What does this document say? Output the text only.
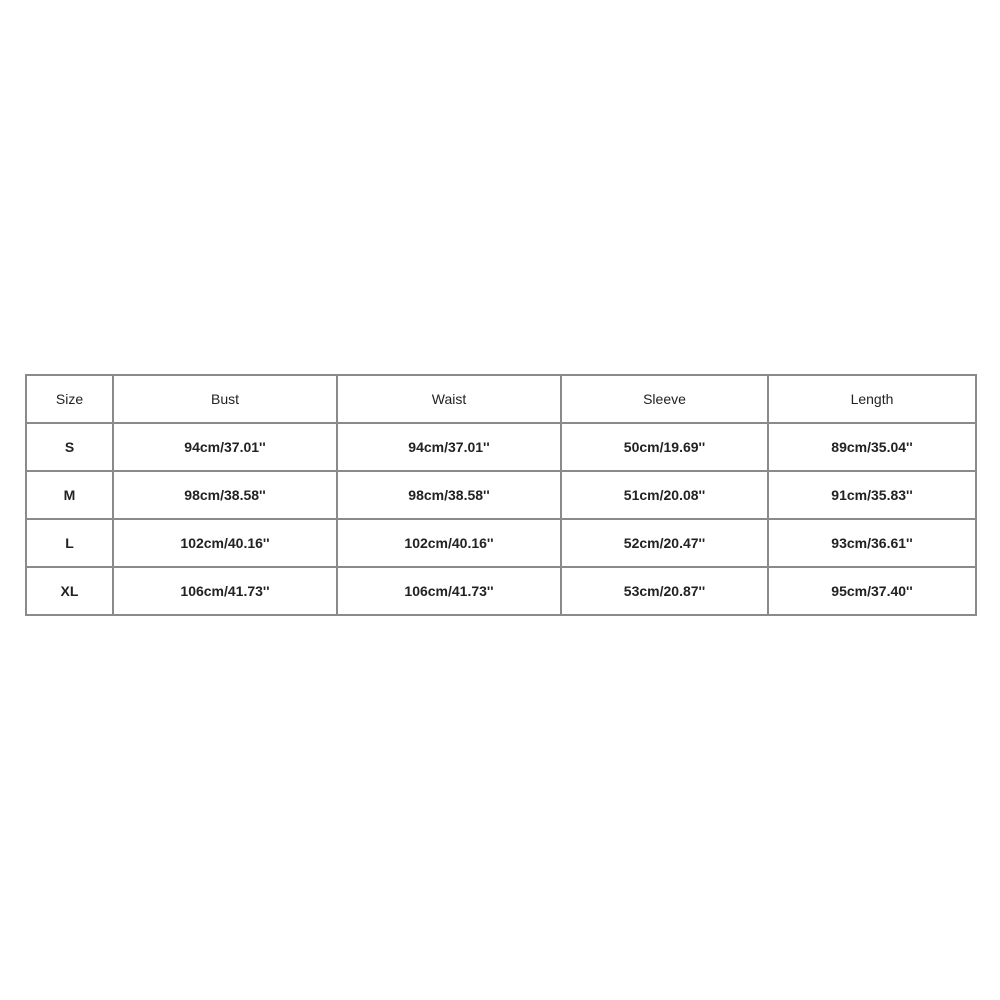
Size	Bust	Waist	Sleeve	Length
S	94cm/37.01''	94cm/37.01''	50cm/19.69''	89cm/35.04''
M	98cm/38.58''	98cm/38.58''	51cm/20.08''	91cm/35.83''
L	102cm/40.16''	102cm/40.16''	52cm/20.47''	93cm/36.61''
XL	106cm/41.73''	106cm/41.73''	53cm/20.87''	95cm/37.40''
